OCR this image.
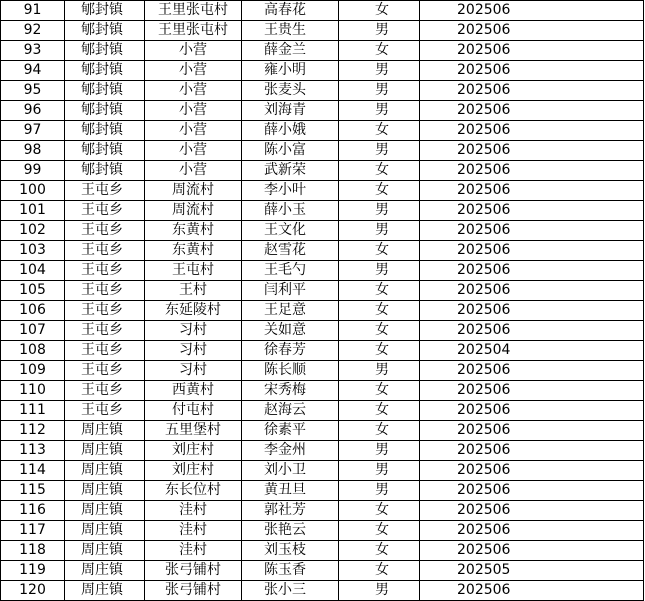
91	郇封镇	王里张屯村	高春花	女	202506
92	郇封镇	王里张屯村	王贵生	男	202506
93	郇封镇	小营	薛金兰	女	202506
94	郇封镇	小营	雍小明	男	202506
95	郇封镇	小营	张麦头	男	202506
96	郇封镇	小营	刘海青	男	202506
97	郇封镇	小营	薛小娥	女	202506
98	郇封镇	小营	陈小富	男	202506
99	郇封镇	小营	武新荣	女	202506
100	王屯乡	周流村	李小叶	女	202506
101	王屯乡	周流村	薛小玉	男	202506
102	王屯乡	东黄村	王文化	男	202506
103	王屯乡	东黄村	赵雪花	女	202506
104	王屯乡	王屯村	王毛勺	男	202506
105	王屯乡	王村	闫利平	女	202506
106	王屯乡	东延陵村	王足意	女	202506
107	王屯乡	习村	关如意	女	202506
108	王屯乡	习村	徐春芳	女	202504
109	王屯乡	习村	陈长顺	男	202506
110	王屯乡	西黄村	宋秀梅	女	202506
111	王屯乡	付屯村	赵海云	女	202506
112	周庄镇	五里堡村	徐素平	女	202506
113	周庄镇	刘庄村	李金州	男	202506
114	周庄镇	刘庄村	刘小卫	男	202506
115	周庄镇	东长位村	黄丑旦	男	202506
116	周庄镇	洼村	郭社芳	女	202506
117	周庄镇	洼村	张艳云	女	202506
118	周庄镇	洼村	刘玉枝	女	202506
119	周庄镇	张弓铺村	陈玉香	女	202505
120	周庄镇	张弓铺村	张小三	男	202506
